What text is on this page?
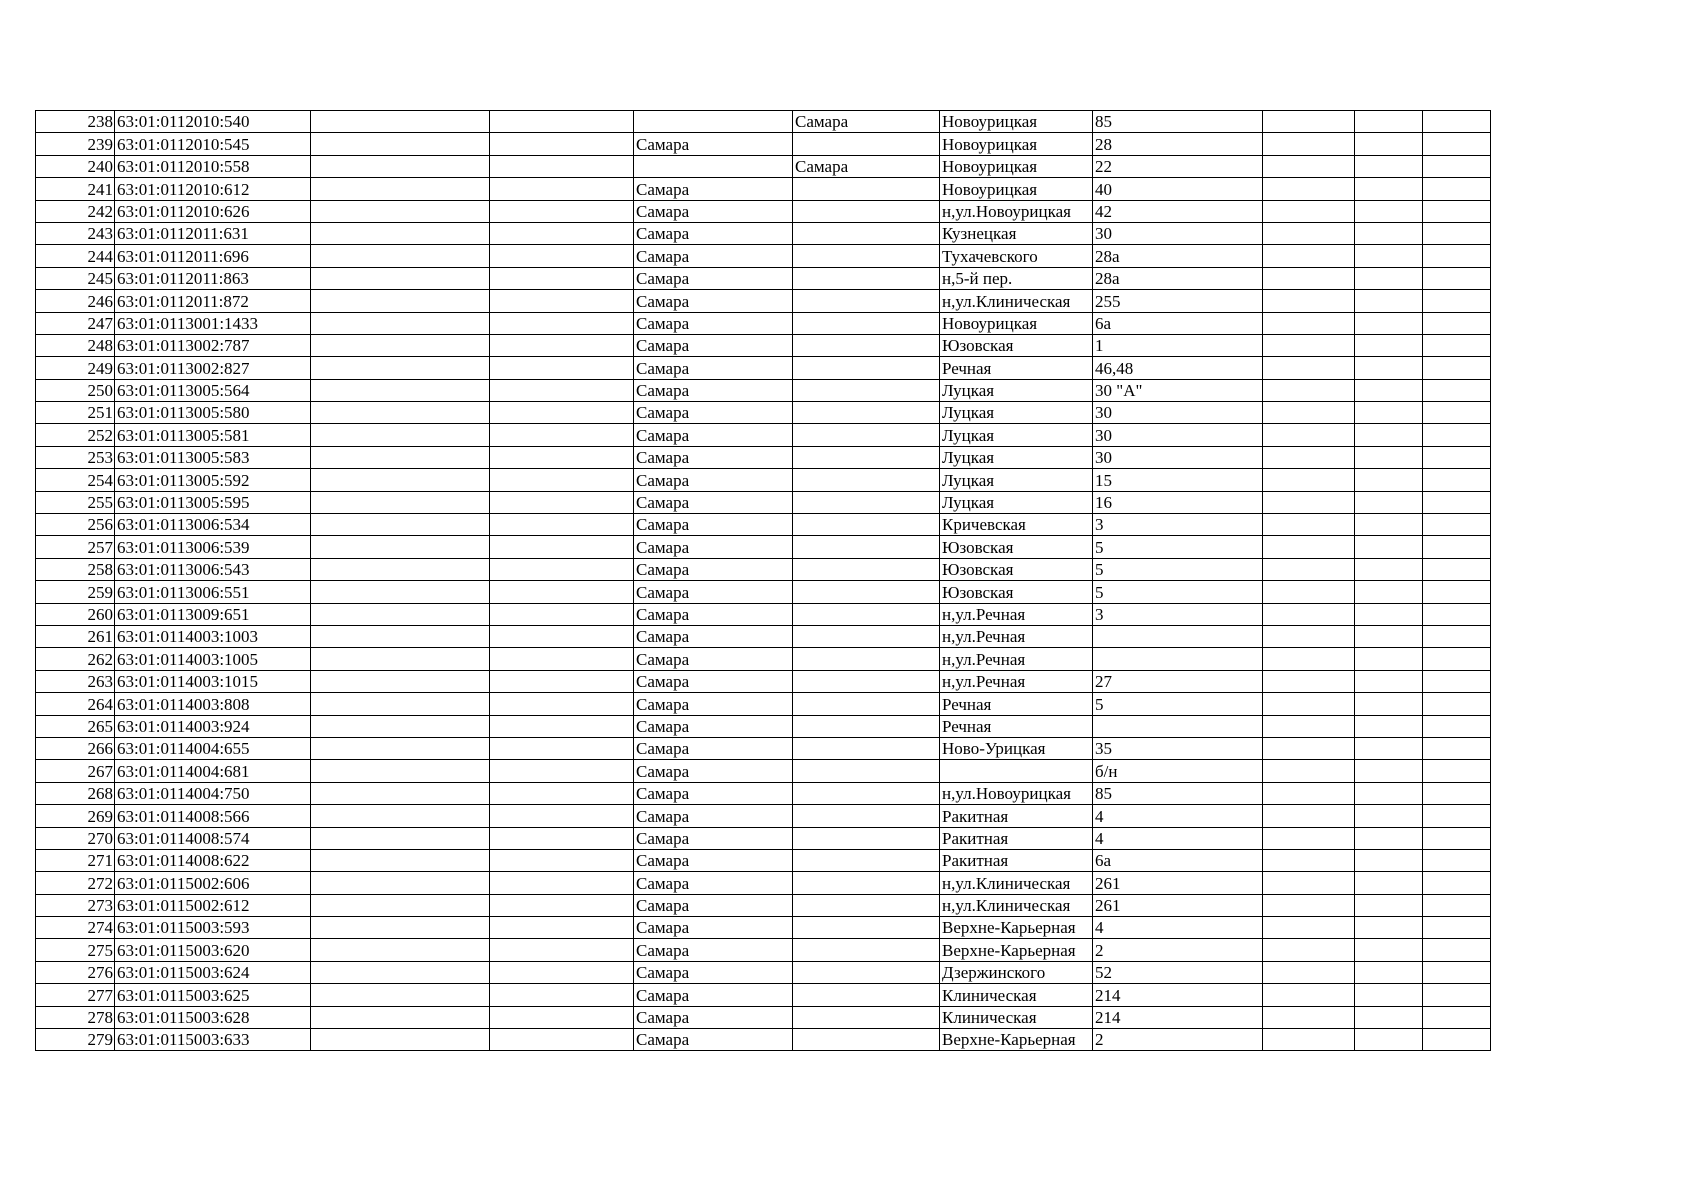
238	63:01:0112010:540				Самара	Новоурицкая	85			
239	63:01:0112010:545			Самара		Новоурицкая	28			
240	63:01:0112010:558				Самара	Новоурицкая	22			
241	63:01:0112010:612			Самара		Новоурицкая	40			
242	63:01:0112010:626			Самара		н,ул.Новоурицкая	42			
243	63:01:0112011:631			Самара		Кузнецкая	30			
244	63:01:0112011:696			Самара		Тухачевского	28а			
245	63:01:0112011:863			Самара		н,5-й пер.	28а			
246	63:01:0112011:872			Самара		н,ул.Клиническая	255			
247	63:01:0113001:1433			Самара		Новоурицкая	6а			
248	63:01:0113002:787			Самара		Юзовская	1			
249	63:01:0113002:827			Самара		Речная	46,48			
250	63:01:0113005:564			Самара		Луцкая	30 "А"			
251	63:01:0113005:580			Самара		Луцкая	30			
252	63:01:0113005:581			Самара		Луцкая	30			
253	63:01:0113005:583			Самара		Луцкая	30			
254	63:01:0113005:592			Самара		Луцкая	15			
255	63:01:0113005:595			Самара		Луцкая	16			
256	63:01:0113006:534			Самара		Кричевская	3			
257	63:01:0113006:539			Самара		Юзовская	5			
258	63:01:0113006:543			Самара		Юзовская	5			
259	63:01:0113006:551			Самара		Юзовская	5			
260	63:01:0113009:651			Самара		н,ул.Речная	3			
261	63:01:0114003:1003			Самара		н,ул.Речная				
262	63:01:0114003:1005			Самара		н,ул.Речная				
263	63:01:0114003:1015			Самара		н,ул.Речная	27			
264	63:01:0114003:808			Самара		Речная	5			
265	63:01:0114003:924			Самара		Речная				
266	63:01:0114004:655			Самара		Ново-Урицкая	35			
267	63:01:0114004:681			Самара			б/н			
268	63:01:0114004:750			Самара		н,ул.Новоурицкая	85			
269	63:01:0114008:566			Самара		Ракитная	4			
270	63:01:0114008:574			Самара		Ракитная	4			
271	63:01:0114008:622			Самара		Ракитная	6а			
272	63:01:0115002:606			Самара		н,ул.Клиническая	261			
273	63:01:0115002:612			Самара		н,ул.Клиническая	261			
274	63:01:0115003:593			Самара		Верхне-Карьерная	4			
275	63:01:0115003:620			Самара		Верхне-Карьерная	2			
276	63:01:0115003:624			Самара		Дзержинского	52			
277	63:01:0115003:625			Самара		Клиническая	214			
278	63:01:0115003:628			Самара		Клиническая	214			
279	63:01:0115003:633			Самара		Верхне-Карьерная	2			
